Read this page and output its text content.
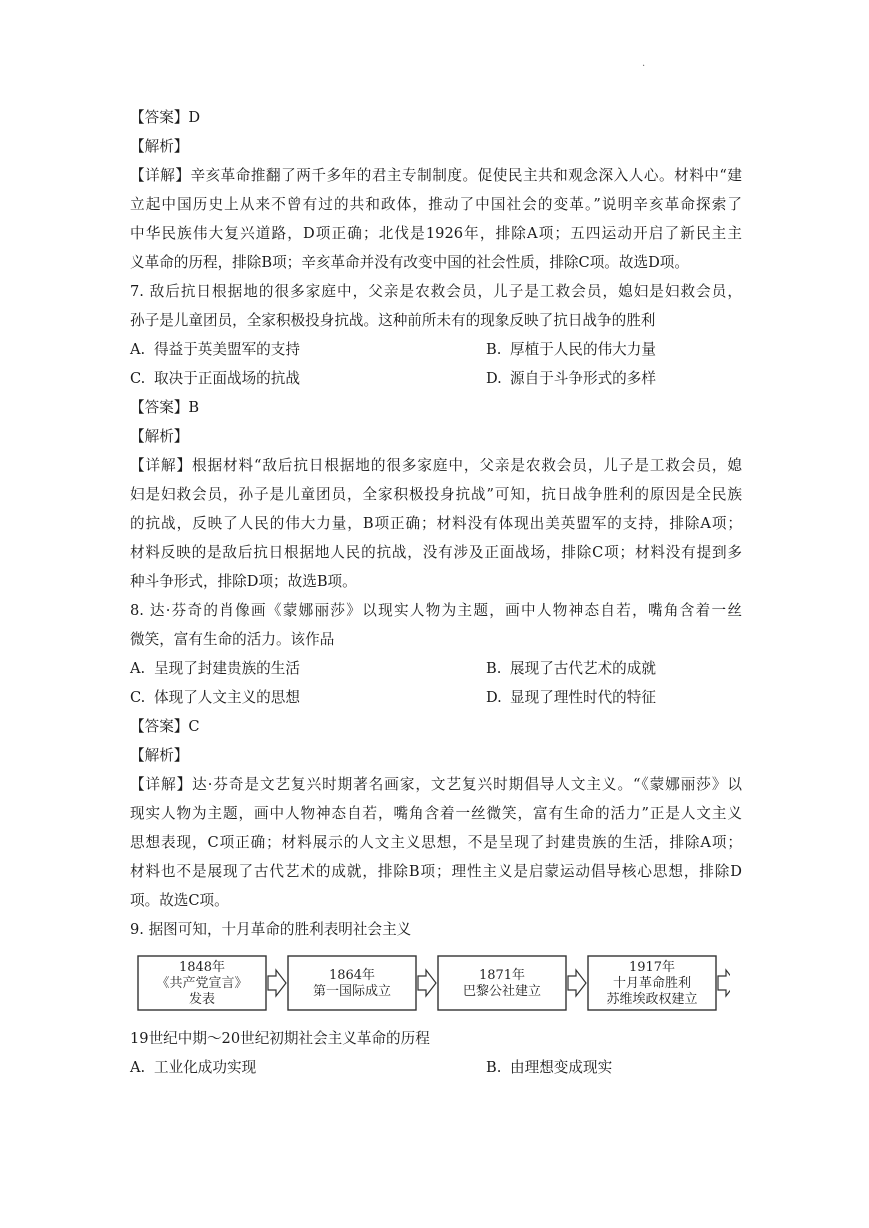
.
【答案】D
【解析】
【详解】辛亥革命推翻了两千多年的君主专制制度。促使民主共和观念深入人心。材料中“建
立起中国历史上从来不曾有过的共和政体，推动了中国社会的变革。”说明辛亥革命探索了
中华民族伟大复兴道路，D项正确；北伐是1926年，排除A项；五四运动开启了新民主主
义革命的历程，排除B项；辛亥革命并没有改变中国的社会性质，排除C项。故选D项。
7. 敌后抗日根据地的很多家庭中，父亲是农救会员，儿子是工救会员，媳妇是妇救会员，
孙子是儿童团员，全家积极投身抗战。这种前所未有的现象反映了抗日战争的胜利
A. 得益于英美盟军的支持	B. 厚植于人民的伟大力量
C. 取决于正面战场的抗战	D. 源自于斗争形式的多样
【答案】B
【解析】
【详解】根据材料“敌后抗日根据地的很多家庭中，父亲是农救会员，儿子是工救会员，媳
妇是妇救会员，孙子是儿童团员，全家积极投身抗战”可知，抗日战争胜利的原因是全民族
的抗战，反映了人民的伟大力量，B项正确；材料没有体现出美英盟军的支持，排除A项；
材料反映的是敌后抗日根据地人民的抗战，没有涉及正面战场，排除C项；材料没有提到多
种斗争形式，排除D项；故选B项。
8. 达·芬奇的肖像画《蒙娜丽莎》以现实人物为主题，画中人物神态自若，嘴角含着一丝
微笑，富有生命的活力。该作品
A. 呈现了封建贵族的生活	B. 展现了古代艺术的成就
C. 体现了人文主义的思想	D. 显现了理性时代的特征
【答案】C
【解析】
【详解】达·芬奇是文艺复兴时期著名画家，文艺复兴时期倡导人文主义。“《蒙娜丽莎》以
现实人物为主题，画中人物神态自若，嘴角含着一丝微笑，富有生命的活力”正是人文主义
思想表现，C项正确；材料展示的人文主义思想，不是呈现了封建贵族的生活，排除A项；
材料也不是展现了古代艺术的成就，排除B项；理性主义是启蒙运动倡导核心思想，排除D
项。故选C项。
9. 据图可知，十月革命的胜利表明社会主义
1848年
《共产党宣言》
发表
1864年
第一国际成立
1871年
巴黎公社建立
1917年
十月革命胜利
苏维埃政权建立
19世纪中期～20世纪初期社会主义革命的历程
A. 工业化成功实现	B. 由理想变成现实
